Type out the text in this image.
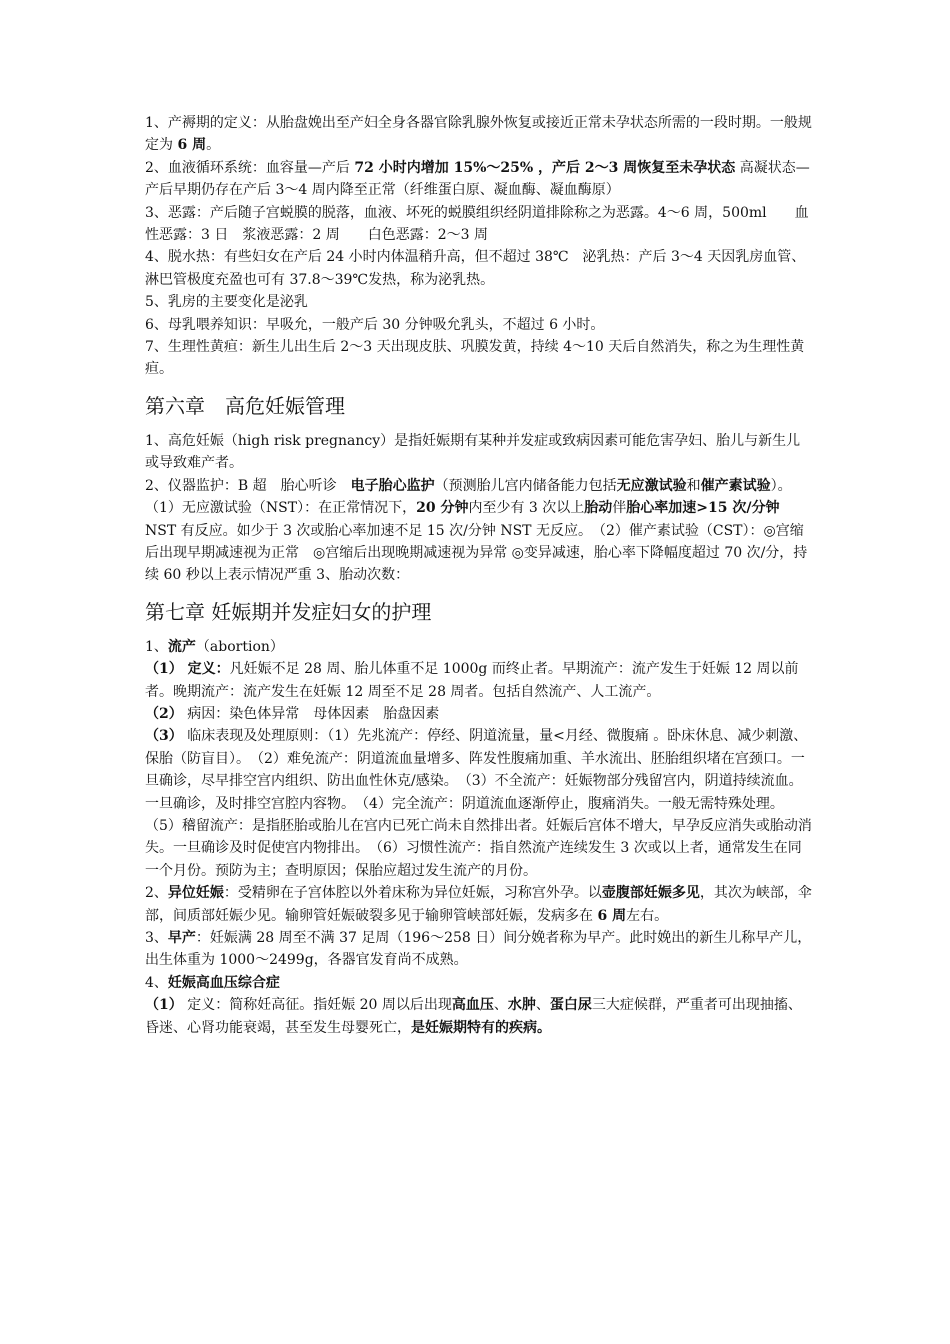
1、产褥期的定义：从胎盘娩出至产妇全身各器官除乳腺外恢复或接近正常未孕状态所需的一段时期。一般规定为 6 周。
2、血液循环系统：血容量—产后 72 小时内增加 15%～25% ，产后 2～3 周恢复至未孕状态 高凝状态—产后早期仍存在产后 3～4 周内降至正常（纤维蛋白原、凝血酶、凝血酶原）
3、恶露：产后随子宫蜕膜的脱落，血液、坏死的蜕膜组织经阴道排除称之为恶露。4～6 周，500ml　　血性恶露：3 日　浆液恶露：2 周　　白色恶露：2～3 周
4、脱水热：有些妇女在产后 24 小时内体温稍升高，但不超过 38℃　泌乳热：产后 3～4 天因乳房血管、淋巴管极度充盈也可有 37.8～39℃发热，称为泌乳热。
5、乳房的主要变化是泌乳
6、母乳喂养知识：早吸允，一般产后 30 分钟吸允乳头，不超过 6 小时。
7、生理性黄疸：新生儿出生后 2～3 天出现皮肤、巩膜发黄，持续 4～10 天后自然消失，称之为生理性黄疸。
第六章　高危妊娠管理
1、高危妊娠（high risk pregnancy）是指妊娠期有某种并发症或致病因素可能危害孕妇、胎儿与新生儿或导致难产者。
2、仪器监护：B 超　胎心听诊　电子胎心监护（预测胎儿宫内储备能力包括无应激试验和催产素试验）。　（1）无应激试验（NST）：在正常情况下，20 分钟内至少有 3 次以上胎动伴胎心率加速>15 次/分钟 NST 有反应。如少于 3 次或胎心率加速不足 15 次/分钟 NST 无反应。　（2）催产素试验（CST）：◎宫缩后出现早期减速视为正常　◎宫缩后出现晚期减速视为异常 ◎变异减速，胎心率下降幅度超过 70 次/分，持续 60 秒以上表示情况严重 3、胎动次数：
第七章 妊娠期并发症妇女的护理
1、流产（abortion）
（1） 定义：凡妊娠不足 28 周、胎儿体重不足 1000g 而终止者。早期流产：流产发生于妊娠 12 周以前者。晚期流产：流产发生在妊娠 12 周至不足 28 周者。包括自然流产、人工流产。
（2） 病因：染色体异常　母体因素　胎盘因素
（3） 临床表现及处理原则：（1）先兆流产：停经、阴道流量，量<月经、微腹痛 。卧床休息、减少刺激、保胎（防盲目）。　（2）难免流产：阴道流血量增多、阵发性腹痛加重、羊水流出、胚胎组织堵在宫颈口。一旦确诊，尽早排空宫内组织、防出血性休克/感染。　（3）不全流产：妊娠物部分残留宫内，阴道持续流血。一旦确诊，及时排空宫腔内容物。　（4）完全流产：阴道流血逐渐停止，腹痛消失。一般无需特殊处理。　（5）稽留流产：是指胚胎或胎儿在宫内已死亡尚未自然排出者。妊娠后宫体不增大，早孕反应消失或胎动消失。一旦确诊及时促使宫内物排出。　（6）习惯性流产：指自然流产连续发生 3 次或以上者，通常发生在同一个月份。预防为主；查明原因；保胎应超过发生流产的月份。
2、异位妊娠：受精卵在子宫体腔以外着床称为异位妊娠，习称宫外孕。以壶腹部妊娠多见，其次为峡部，伞部，间质部妊娠少见。输卵管妊娠破裂多见于输卵管峡部妊娠，发病多在 6 周左右。
3、早产：妊娠满 28 周至不满 37 足周（196～258 日）间分娩者称为早产。此时娩出的新生儿称早产儿，出生体重为 1000～2499g，各器官发育尚不成熟。
4、妊娠高血压综合症
（1） 定义：简称妊高征。指妊娠 20 周以后出现高血压、水肿、蛋白尿三大症候群，严重者可出现抽搐、昏迷、心肾功能衰竭，甚至发生母婴死亡，是妊娠期特有的疾病。
